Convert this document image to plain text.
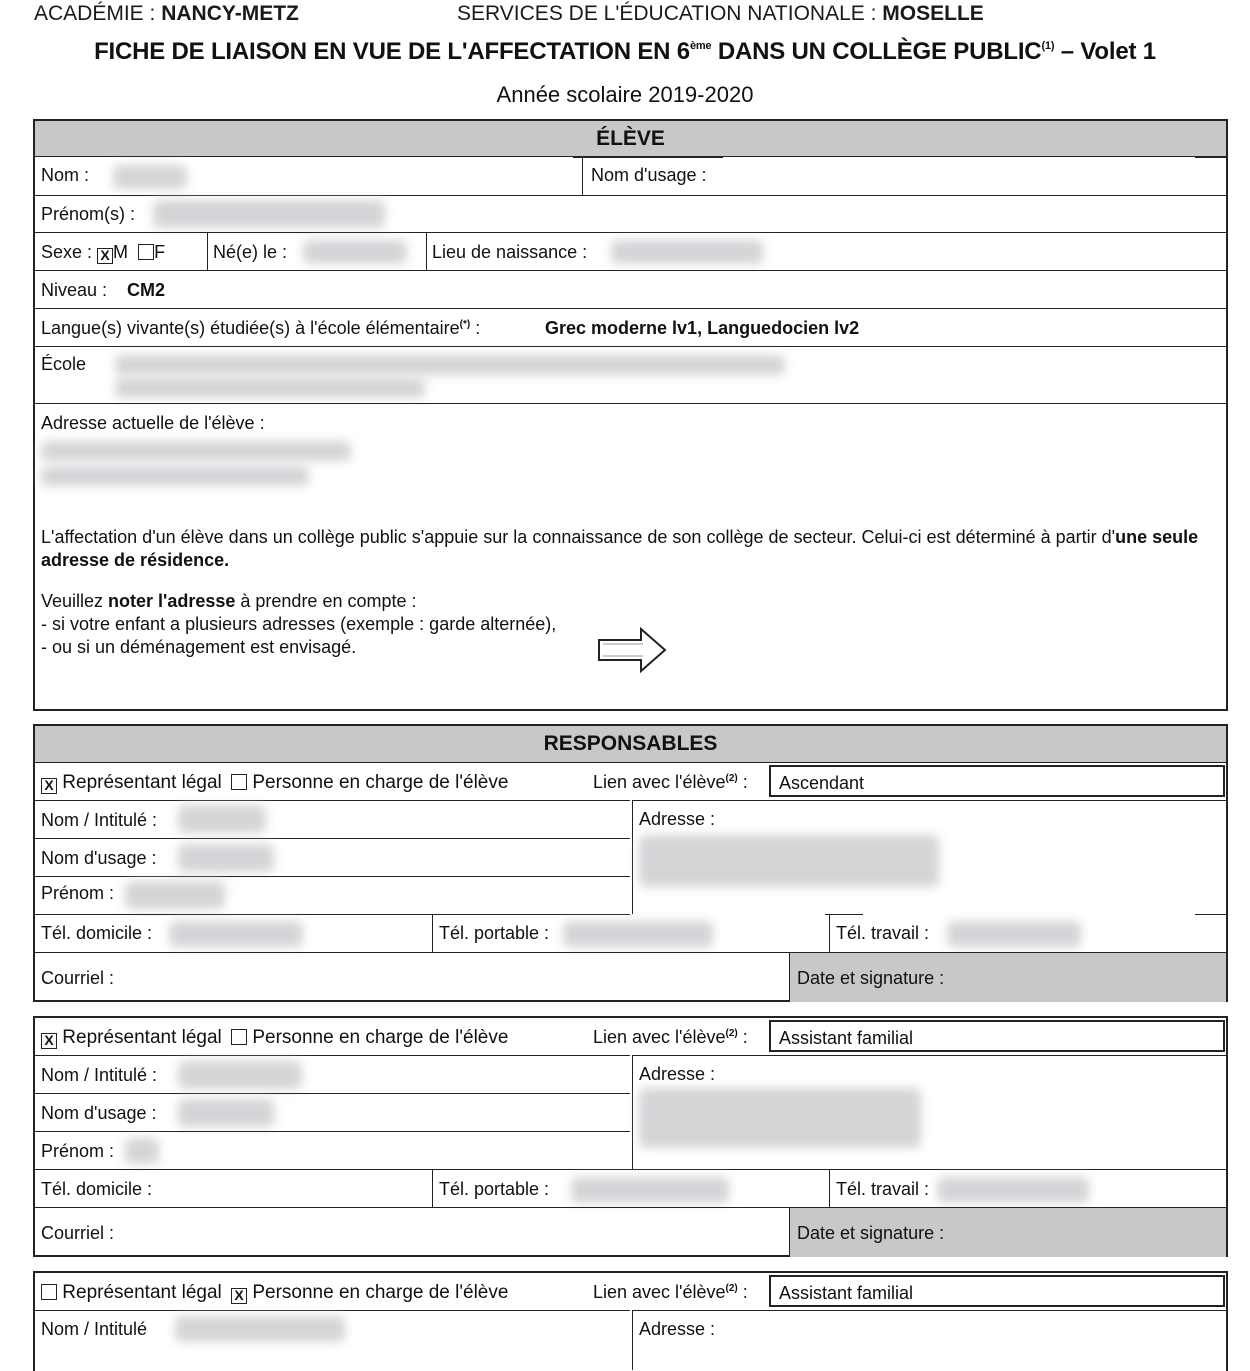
ACADÉMIE : NANCY-METZ	SERVICES DE L'ÉDUCATION NATIONALE : MOSELLE
FICHE DE LIAISON EN VUE DE L'AFFECTATION EN 6ème DANS UN COLLÈGE PUBLIC$^{(1)}$ – Volet 1
Année scolaire 2019-2020
ÉLÈVE
Nom :	Nom d'usage :
Prénom(s) :
Sexe : X M F	Né(e) le :	Lieu de naissance :
Niveau : CM2
Langue(s) vivante(s) étudiée(s) à l'école élémentaire(*) :	Grec moderne lv1, Languedocien lv2
École
Adresse actuelle de l'élève :
L'affectation d'un élève dans un collège public s'appuie sur la connaissance de son collège de secteur. Celui-ci est déterminé à partir d'une seule adresse de résidence.
Veuillez noter l'adresse à prendre en compte :
- si votre enfant a plusieurs adresses (exemple : garde alternée),
- ou si un déménagement est envisagé.
RESPONSABLES
X Représentant légal Personne en charge de l'élève	Lien avec l'élève$^{(2)}$ : Ascendant
Nom / Intitulé :
Nom d'usage :
Prénom :
Adresse :
Tél. domicile :	Tél. portable :	Tél. travail :
Courriel :	Date et signature :
X Représentant légal Personne en charge de l'élève	Lien avec l'élève$^{(2)}$ : Assistant familial
Nom / Intitulé :
Nom d'usage :
Prénom :
Adresse :
Tél. domicile :	Tél. portable :	Tél. travail :
Courriel :	Date et signature :
Représentant légal X Personne en charge de l'élève	Lien avec l'élève$^{(2)}$ : Assistant familial
Nom / Intitulé	Adresse :
